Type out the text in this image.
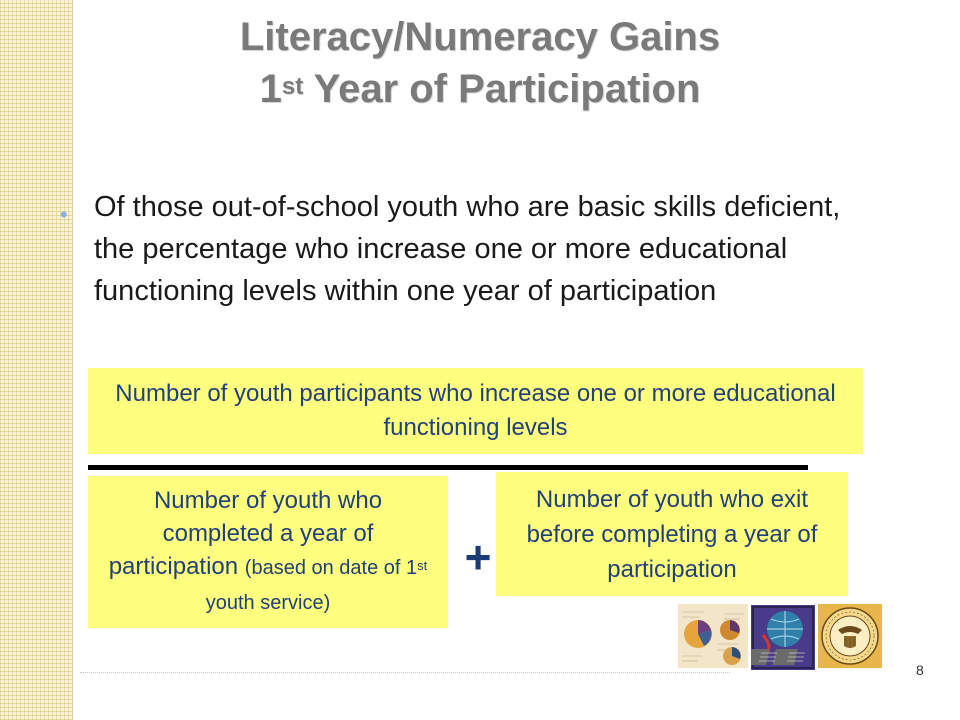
Literacy/Numeracy Gains
1st Year of Participation
• Of those out-of-school youth who are basic skills deficient, the percentage who increase one or more educational functioning levels within one year of participation
Number of youth participants who increase one or more educational functioning levels
Number of youth who completed a year of participation (based on date of 1st youth service)
+
Number of youth who exit before completing a year of participation
8
